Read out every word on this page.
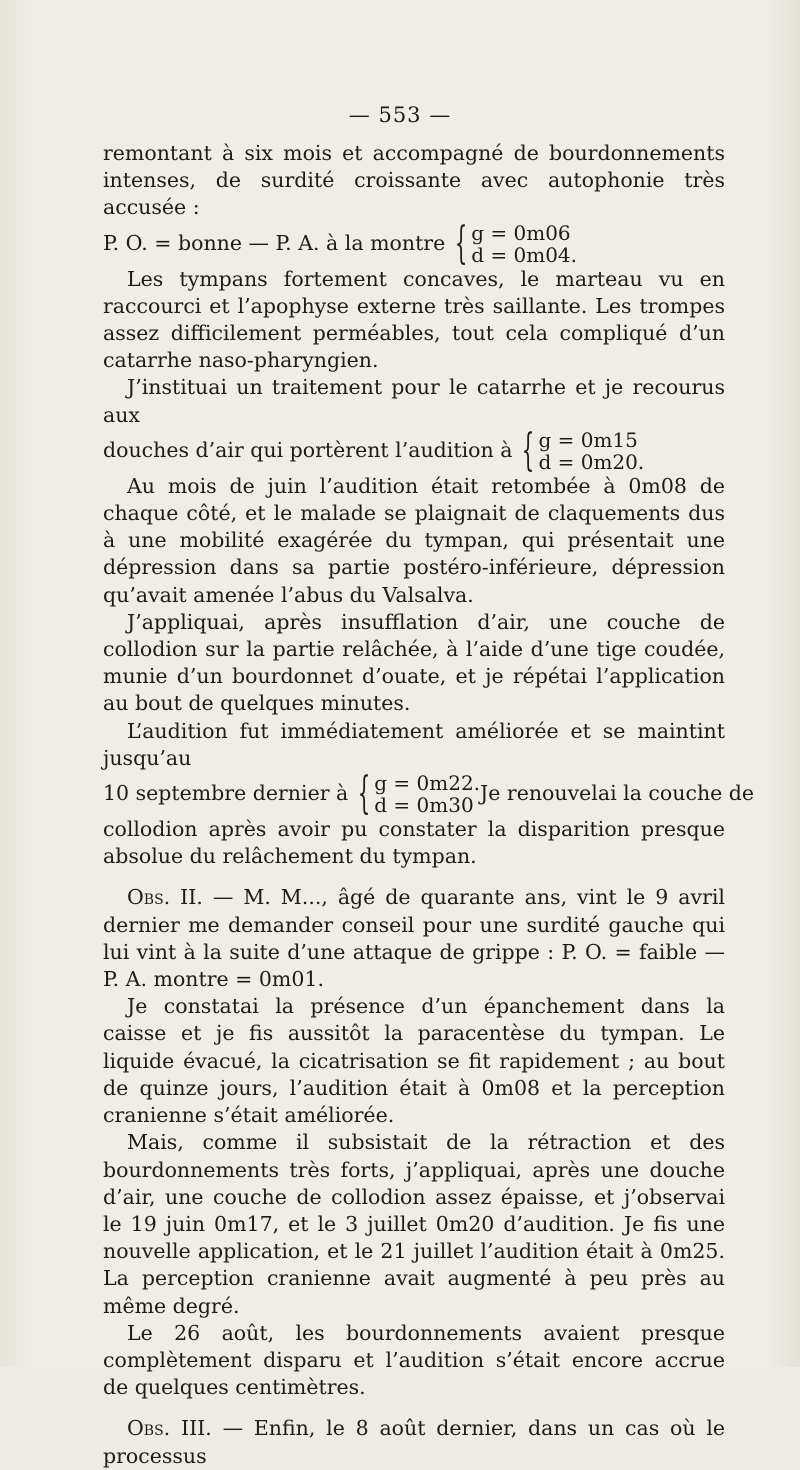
— 553 —

remontant à six mois et accompagné de bourdonnements intenses, de surdité croissante avec autophonie très accusée :

P. O. = bonne — P. A. à la montre { g = 0m06
d = 0m04.

Les tympans fortement concaves, le marteau vu en raccourci et l’apophyse externe très saillante. Les trompes assez difficilement perméables, tout cela compliqué d’un catarrhe naso-pharyngien.

J’instituai un traitement pour le catarrhe et je recourus aux

douches d’air qui portèrent l’audition à { g = 0m15
d = 0m20.

Au mois de juin l’audition était retombée à 0m08 de chaque côté, et le malade se plaignait de claquements dus à une mobilité exagérée du tympan, qui présentait une dépression dans sa partie postéro-inférieure, dépression qu’avait amenée l’abus du Valsalva.

J’appliquai, après insufflation d’air, une couche de collodion sur la partie relâchée, à l’aide d’une tige coudée, munie d’un bourdonnet d’ouate, et je répétai l’application au bout de quelques minutes.

L’audition fut immédiatement améliorée et se maintint jusqu’au

10 septembre dernier à { g = 0m22.
d = 0m30 Je renouvelai la couche de

collodion après avoir pu constater la disparition presque absolue du relâchement du tympan.

Obs. II. — M. M..., âgé de quarante ans, vint le 9 avril dernier me demander conseil pour une surdité gauche qui lui vint à la suite d’une attaque de grippe : P. O. = faible — P. A. montre = 0m01.

Je constatai la présence d’un épanchement dans la caisse et je fis aussitôt la paracentèse du tympan. Le liquide évacué, la cicatrisation se fit rapidement ; au bout de quinze jours, l’audition était à 0m08 et la perception cranienne s’était améliorée.

Mais, comme il subsistait de la rétraction et des bourdonnements très forts, j’appliquai, après une douche d’air, une couche de collodion assez épaisse, et j’observai le 19 juin 0m17, et le 3 juillet 0m20 d’audition. Je fis une nouvelle application, et le 21 juillet l’audition était à 0m25. La perception cranienne avait augmenté à peu près au même degré.

Le 26 août, les bourdonnements avaient presque complètement disparu et l’audition s’était encore accrue de quelques centimètres.

Obs. III. — Enfin, le 8 août dernier, dans un cas où le processus
